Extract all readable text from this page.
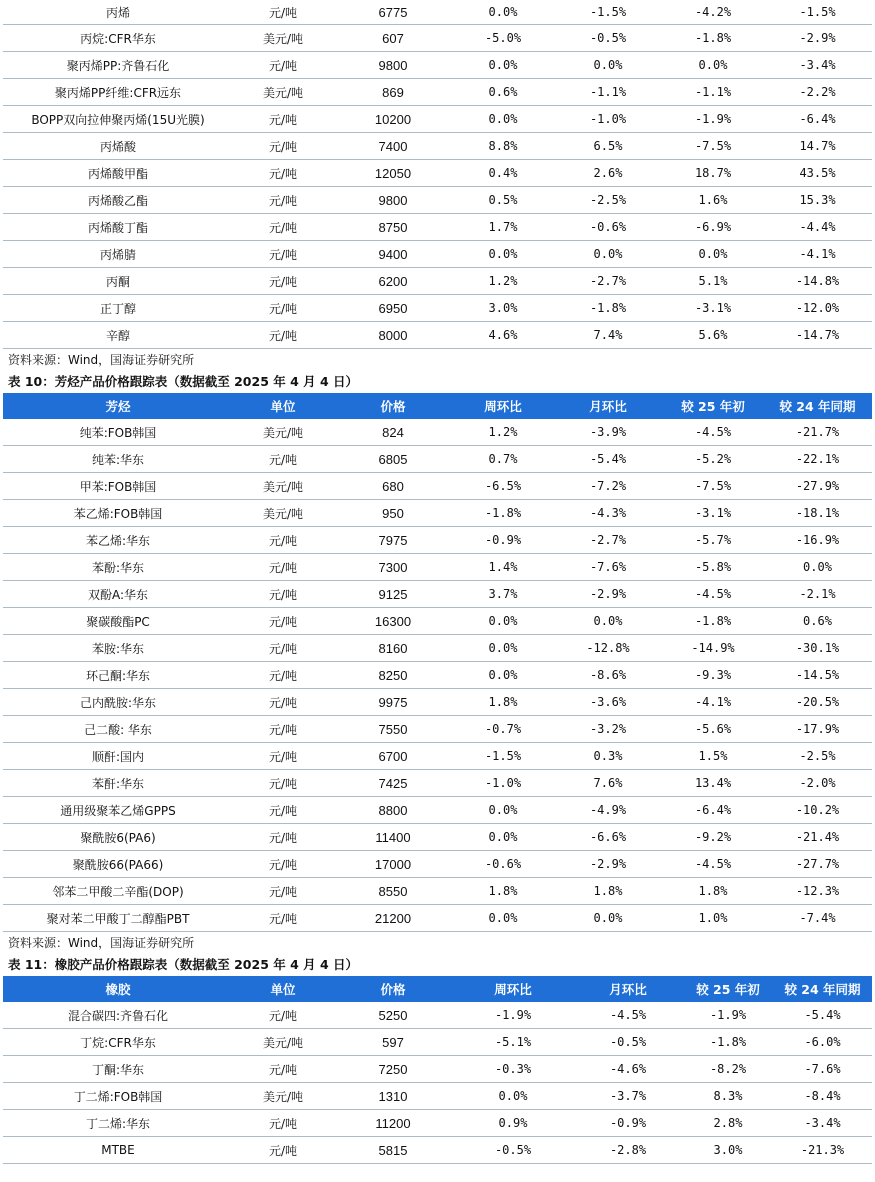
丙烯	元/吨	6775	0.0%	-1.5%	-4.2%	-1.5%
丙烷:CFR华东	美元/吨	607	-5.0%	-0.5%	-1.8%	-2.9%
聚丙烯PP:齐鲁石化	元/吨	9800	0.0%	0.0%	0.0%	-3.4%
聚丙烯PP纤维:CFR远东	美元/吨	869	0.6%	-1.1%	-1.1%	-2.2%
BOPP双向拉伸聚丙烯(15U光膜)	元/吨	10200	0.0%	-1.0%	-1.9%	-6.4%
丙烯酸	元/吨	7400	8.8%	6.5%	-7.5%	14.7%
丙烯酸甲酯	元/吨	12050	0.4%	2.6%	18.7%	43.5%
丙烯酸乙酯	元/吨	9800	0.5%	-2.5%	1.6%	15.3%
丙烯酸丁酯	元/吨	8750	1.7%	-0.6%	-6.9%	-4.4%
丙烯腈	元/吨	9400	0.0%	0.0%	0.0%	-4.1%
丙酮	元/吨	6200	1.2%	-2.7%	5.1%	-14.8%
正丁醇	元/吨	6950	3.0%	-1.8%	-3.1%	-12.0%
辛醇	元/吨	8000	4.6%	7.4%	5.6%	-14.7%
资料来源：Wind，国海证券研究所
表 10：芳烃产品价格跟踪表（数据截至 2025 年 4 月 4 日）
芳烃	单位	价格	周环比	月环比	较 25 年初	较 24 年同期
纯苯:FOB韩国	美元/吨	824	1.2%	-3.9%	-4.5%	-21.7%
纯苯:华东	元/吨	6805	0.7%	-5.4%	-5.2%	-22.1%
甲苯:FOB韩国	美元/吨	680	-6.5%	-7.2%	-7.5%	-27.9%
苯乙烯:FOB韩国	美元/吨	950	-1.8%	-4.3%	-3.1%	-18.1%
苯乙烯:华东	元/吨	7975	-0.9%	-2.7%	-5.7%	-16.9%
苯酚:华东	元/吨	7300	1.4%	-7.6%	-5.8%	0.0%
双酚A:华东	元/吨	9125	3.7%	-2.9%	-4.5%	-2.1%
聚碳酸酯PC	元/吨	16300	0.0%	0.0%	-1.8%	0.6%
苯胺:华东	元/吨	8160	0.0%	-12.8%	-14.9%	-30.1%
环己酮:华东	元/吨	8250	0.0%	-8.6%	-9.3%	-14.5%
己内酰胺:华东	元/吨	9975	1.8%	-3.6%	-4.1%	-20.5%
己二酸: 华东	元/吨	7550	-0.7%	-3.2%	-5.6%	-17.9%
顺酐:国内	元/吨	6700	-1.5%	0.3%	1.5%	-2.5%
苯酐:华东	元/吨	7425	-1.0%	7.6%	13.4%	-2.0%
通用级聚苯乙烯GPPS	元/吨	8800	0.0%	-4.9%	-6.4%	-10.2%
聚酰胺6(PA6)	元/吨	11400	0.0%	-6.6%	-9.2%	-21.4%
聚酰胺66(PA66)	元/吨	17000	-0.6%	-2.9%	-4.5%	-27.7%
邻苯二甲酸二辛酯(DOP)	元/吨	8550	1.8%	1.8%	1.8%	-12.3%
聚对苯二甲酸丁二醇酯PBT	元/吨	21200	0.0%	0.0%	1.0%	-7.4%
资料来源：Wind，国海证券研究所
表 11：橡胶产品价格跟踪表（数据截至 2025 年 4 月 4 日）
橡胶	单位	价格	周环比	月环比	较 25 年初	较 24 年同期
混合碳四:齐鲁石化	元/吨	5250	-1.9%	-4.5%	-1.9%	-5.4%
丁烷:CFR华东	美元/吨	597	-5.1%	-0.5%	-1.8%	-6.0%
丁酮:华东	元/吨	7250	-0.3%	-4.6%	-8.2%	-7.6%
丁二烯:FOB韩国	美元/吨	1310	0.0%	-3.7%	8.3%	-8.4%
丁二烯:华东	元/吨	11200	0.9%	-0.9%	2.8%	-3.4%
MTBE	元/吨	5815	-0.5%	-2.8%	3.0%	-21.3%
